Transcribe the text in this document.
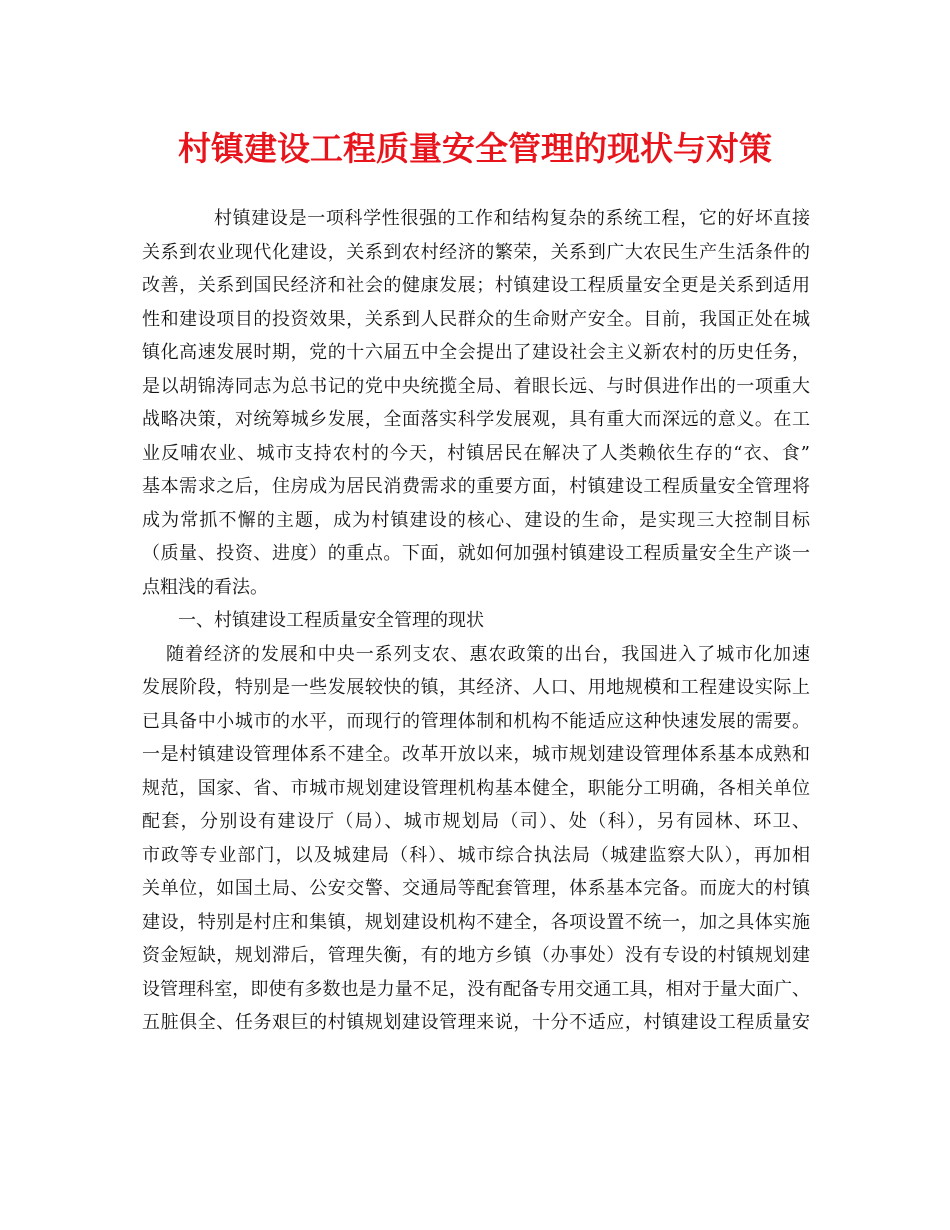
村镇建设工程质量安全管理的现状与对策
村镇建设是一项科学性很强的工作和结构复杂的系统工程，它的好坏直接
关系到农业现代化建设，关系到农村经济的繁荣，关系到广大农民生产生活条件的
改善，关系到国民经济和社会的健康发展；村镇建设工程质量安全更是关系到适用
性和建设项目的投资效果，关系到人民群众的生命财产安全。目前，我国正处在城
镇化高速发展时期，党的十六届五中全会提出了建设社会主义新农村的历史任务，
是以胡锦涛同志为总书记的党中央统揽全局、着眼长远、与时俱进作出的一项重大
战略决策，对统筹城乡发展，全面落实科学发展观，具有重大而深远的意义。在工
业反哺农业、城市支持农村的今天，村镇居民在解决了人类赖依生存的“衣、食”
基本需求之后，住房成为居民消费需求的重要方面，村镇建设工程质量安全管理将
成为常抓不懈的主题，成为村镇建设的核心、建设的生命，是实现三大控制目标
（质量、投资、进度）的重点。下面，就如何加强村镇建设工程质量安全生产谈一
点粗浅的看法。
一、村镇建设工程质量安全管理的现状
随着经济的发展和中央一系列支农、惠农政策的出台，我国进入了城市化加速
发展阶段，特别是一些发展较快的镇，其经济、人口、用地规模和工程建设实际上
已具备中小城市的水平，而现行的管理体制和机构不能适应这种快速发展的需要。
一是村镇建设管理体系不建全。改革开放以来，城市规划建设管理体系基本成熟和
规范，国家、省、市城市规划建设管理机构基本健全，职能分工明确，各相关单位
配套，分别设有建设厅（局）、城市规划局（司）、处（科），另有园林、环卫、
市政等专业部门，以及城建局（科）、城市综合执法局（城建监察大队），再加相
关单位，如国土局、公安交警、交通局等配套管理，体系基本完备。而庞大的村镇
建设，特别是村庄和集镇，规划建设机构不建全，各项设置不统一，加之具体实施
资金短缺，规划滞后，管理失衡，有的地方乡镇（办事处）没有专设的村镇规划建
设管理科室，即使有多数也是力量不足，没有配备专用交通工具，相对于量大面广、
五脏俱全、任务艰巨的村镇规划建设管理来说，十分不适应，村镇建设工程质量安
